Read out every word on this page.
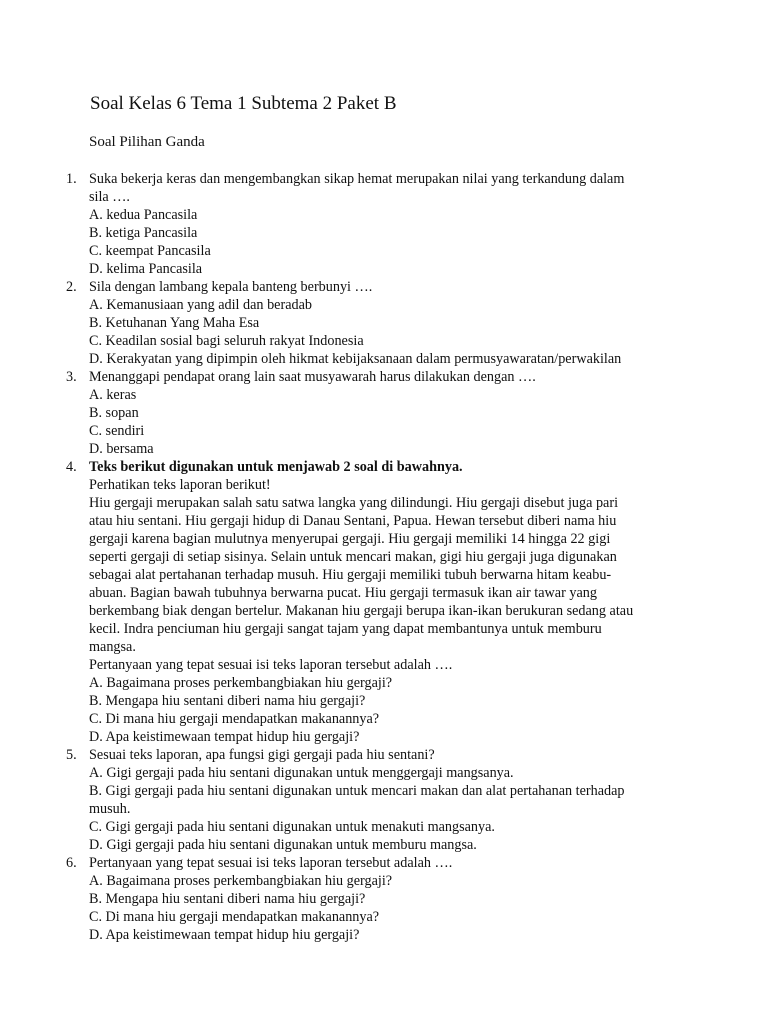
Soal Kelas 6 Tema 1 Subtema 2 Paket B
Soal Pilihan Ganda
1. Suka bekerja keras dan mengembangkan sikap hemat merupakan nilai yang terkandung dalam
sila ….
A. kedua Pancasila
B. ketiga Pancasila
C. keempat Pancasila
D. kelima Pancasila
2. Sila dengan lambang kepala banteng berbunyi ….
A. Kemanusiaan yang adil dan beradab
B. Ketuhanan Yang Maha Esa
C. Keadilan sosial bagi seluruh rakyat Indonesia
D. Kerakyatan yang dipimpin oleh hikmat kebijaksanaan dalam permusyawaratan/perwakilan
3. Menanggapi pendapat orang lain saat musyawarah harus dilakukan dengan ….
A. keras
B. sopan
C. sendiri
D. bersama
4. Teks berikut digunakan untuk menjawab 2 soal di bawahnya.
Perhatikan teks laporan berikut!
Hiu gergaji merupakan salah satu satwa langka yang dilindungi. Hiu gergaji disebut juga pari
atau hiu sentani. Hiu gergaji hidup di Danau Sentani, Papua. Hewan tersebut diberi nama hiu
gergaji karena bagian mulutnya menyerupai gergaji. Hiu gergaji memiliki 14 hingga 22 gigi
seperti gergaji di setiap sisinya. Selain untuk mencari makan, gigi hiu gergaji juga digunakan
sebagai alat pertahanan terhadap musuh. Hiu gergaji memiliki tubuh berwarna hitam keabu-
abuan. Bagian bawah tubuhnya berwarna pucat. Hiu gergaji termasuk ikan air tawar yang
berkembang biak dengan bertelur. Makanan hiu gergaji berupa ikan-ikan berukuran sedang atau
kecil. Indra penciuman hiu gergaji sangat tajam yang dapat membantunya untuk memburu
mangsa.
Pertanyaan yang tepat sesuai isi teks laporan tersebut adalah ….
A. Bagaimana proses perkembangbiakan hiu gergaji?
B. Mengapa hiu sentani diberi nama hiu gergaji?
C. Di mana hiu gergaji mendapatkan makanannya?
D. Apa keistimewaan tempat hidup hiu gergaji?
5. Sesuai teks laporan, apa fungsi gigi gergaji pada hiu sentani?
A. Gigi gergaji pada hiu sentani digunakan untuk menggergaji mangsanya.
B. Gigi gergaji pada hiu sentani digunakan untuk mencari makan dan alat pertahanan terhadap
musuh.
C. Gigi gergaji pada hiu sentani digunakan untuk menakuti mangsanya.
D. Gigi gergaji pada hiu sentani digunakan untuk memburu mangsa.
6. Pertanyaan yang tepat sesuai isi teks laporan tersebut adalah ….
A. Bagaimana proses perkembangbiakan hiu gergaji?
B. Mengapa hiu sentani diberi nama hiu gergaji?
C. Di mana hiu gergaji mendapatkan makanannya?
D. Apa keistimewaan tempat hidup hiu gergaji?
